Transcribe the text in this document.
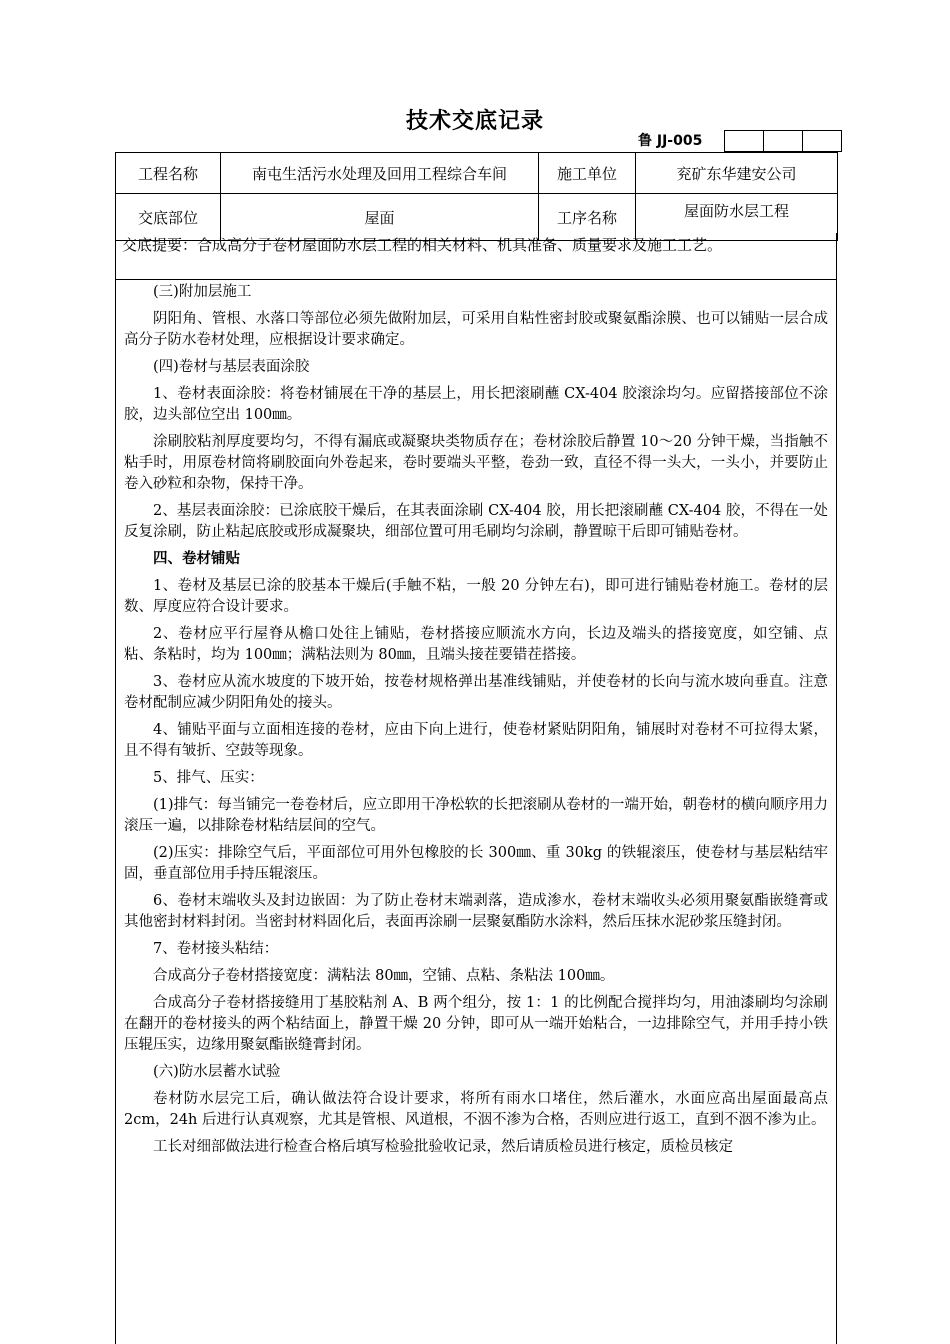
技术交底记录
鲁 JJ-005
工程名称	南屯生活污水处理及回用工程综合车间	施工单位	兖矿东华建安公司
交底部位	屋面	工序名称	屋面防水层工程
交底提要：合成高分子卷材屋面防水层工程的相关材料、机具准备、质量要求及施工工艺。

(三)附加层施工

阴阳角、管根、水落口等部位必须先做附加层，可采用自粘性密封胶或聚氨酯涂膜、也可以铺贴一层合成高分子防水卷材处理，应根据设计要求确定。

(四)卷材与基层表面涂胶

1、卷材表面涂胶：将卷材铺展在干净的基层上，用长把滚刷蘸 CX-404 胶滚涂均匀。应留搭接部位不涂胶，边头部位空出 100㎜。

涂刷胶粘剂厚度要均匀，不得有漏底或凝聚块类物质存在；卷材涂胶后静置 10～20 分钟干燥，当指触不粘手时，用原卷材筒将刷胶面向外卷起来，卷时要端头平整，卷劲一致，直径不得一头大，一头小，并要防止卷入砂粒和杂物，保持干净。

2、基层表面涂胶：已涂底胶干燥后，在其表面涂刷 CX-404 胶，用长把滚刷蘸 CX-404 胶，不得在一处反复涂刷，防止粘起底胶或形成凝聚块，细部位置可用毛刷均匀涂刷，静置晾干后即可铺贴卷材。

四、卷材铺贴

1、卷材及基层已涂的胶基本干燥后(手触不粘，一般 20 分钟左右)，即可进行铺贴卷材施工。卷材的层数、厚度应符合设计要求。

2、卷材应平行屋脊从檐口处往上铺贴，卷材搭接应顺流水方向，长边及端头的搭接宽度，如空铺、点粘、条粘时，均为 100㎜；满粘法则为 80㎜，且端头接茬要错茬搭接。

3、卷材应从流水坡度的下坡开始，按卷材规格弹出基准线铺贴，并使卷材的长向与流水坡向垂直。注意卷材配制应减少阴阳角处的接头。

4、铺贴平面与立面相连接的卷材，应由下向上进行，使卷材紧贴阴阳角，铺展时对卷材不可拉得太紧，且不得有皱折、空鼓等现象。

5、排气、压实：

(1)排气：每当铺完一卷卷材后，应立即用干净松软的长把滚刷从卷材的一端开始，朝卷材的横向顺序用力滚压一遍，以排除卷材粘结层间的空气。

(2)压实：排除空气后，平面部位可用外包橡胶的长 300㎜、重 30kg 的铁辊滚压，使卷材与基层粘结牢固，垂直部位用手持压辊滚压。

6、卷材末端收头及封边嵌固：为了防止卷材末端剥落，造成渗水，卷材末端收头必须用聚氨酯嵌缝膏或其他密封材料封闭。当密封材料固化后，表面再涂刷一层聚氨酯防水涂料，然后压抹水泥砂浆压缝封闭。

7、卷材接头粘结：

合成高分子卷材搭接宽度：满粘法 80㎜，空铺、点粘、条粘法 100㎜。

合成高分子卷材搭接缝用丁基胶粘剂 A、B 两个组分，按 1：1 的比例配合搅拌均匀，用油漆刷均匀涂刷在翻开的卷材接头的两个粘结面上，静置干燥 20 分钟，即可从一端开始粘合，一边排除空气，并用手持小铁压辊压实，边缘用聚氨酯嵌缝膏封闭。

(六)防水层蓄水试验

卷材防水层完工后，确认做法符合设计要求，将所有雨水口堵住，然后灌水，水面应高出屋面最高点 2cm，24h 后进行认真观察，尤其是管根、风道根，不洇不渗为合格，否则应进行返工，直到不洇不渗为止。

工长对细部做法进行检查合格后填写检验批验收记录，然后请质检员进行核定，质检员核定
